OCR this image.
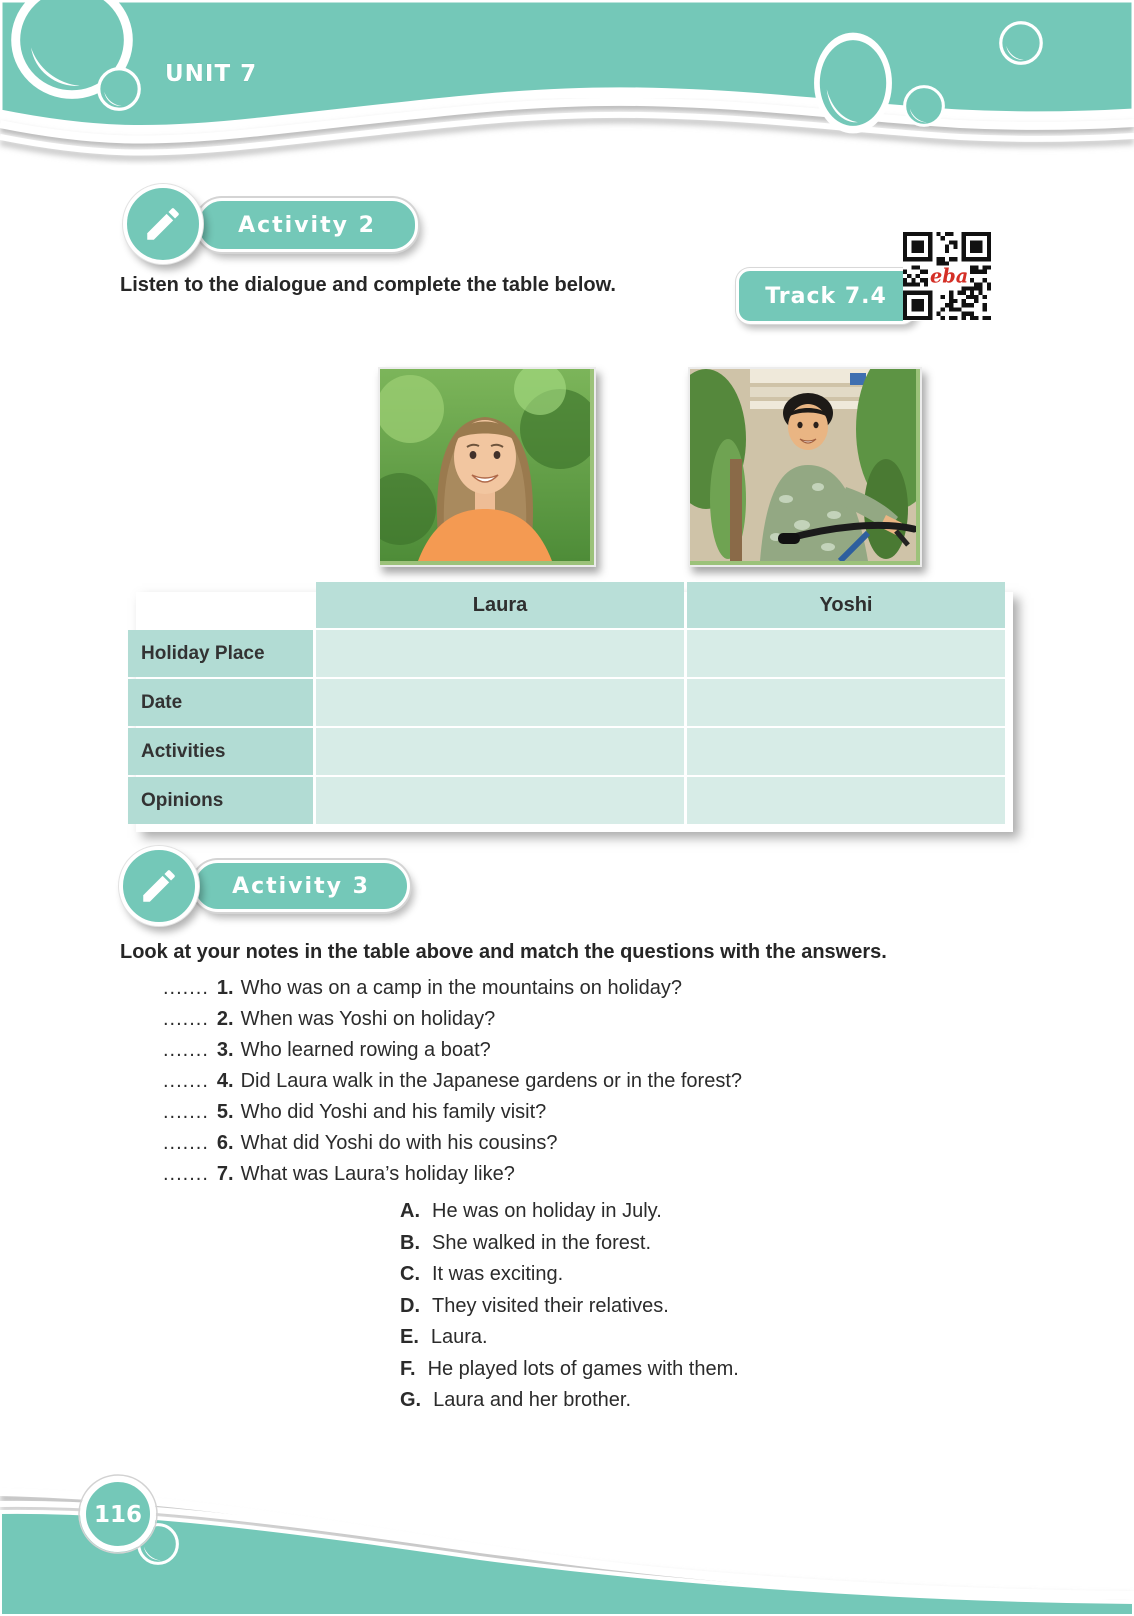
UNIT 7
Activity 2
Listen to the dialogue and complete the table below.	Track 7.4
eba
Laura	Yoshi
Holiday Place
Date
Activities
Opinions
Activity 3
Look at your notes in the table above and match the questions with the answers.
....... 1. Who was on a camp in the mountains on holiday?
....... 2. When was Yoshi on holiday?
....... 3. Who learned rowing a boat?
....... 4. Did Laura walk in the Japanese gardens or in the forest?
....... 5. Who did Yoshi and his family visit?
....... 6. What did Yoshi do with his cousins?
....... 7. What was Laura’s holiday like?
A. He was on holiday in July.
B. She walked in the forest.
C. It was exciting.
D. They visited their relatives.
E. Laura.
F. He played lots of games with them.
G. Laura and her brother.
116
